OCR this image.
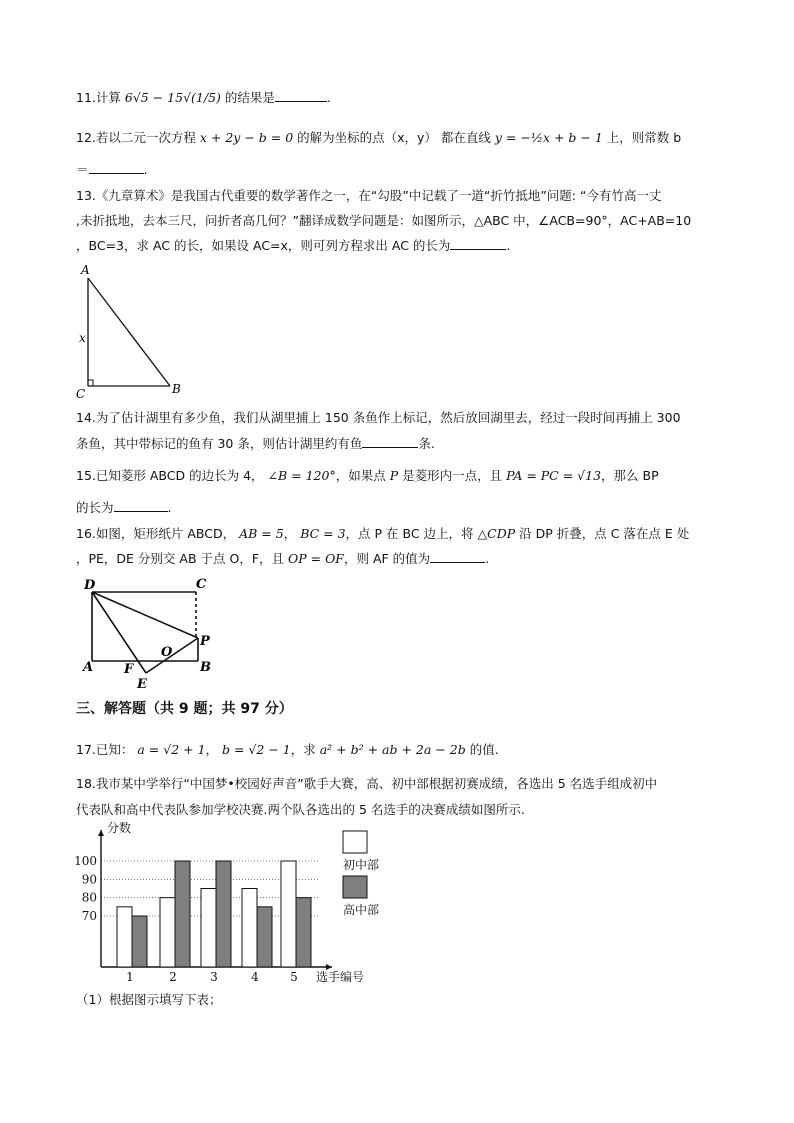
11.计算 6√5 − 15√(1/5) 的结果是	.
12.若以二元一次方程 x + 2y − b = 0 的解为坐标的点（x，y） 都在直线 y = −½x + b − 1 上，则常数 b
＝	.
13.《九章算术》是我国古代重要的数学著作之一，在“勾股”中记载了一道“折竹抵地”问题: “今有竹高一丈
,未折抵地，去本三尺，问折者高几何？”翻译成数学问题是：如图所示，△ABC 中，∠ACB=90°，AC+AB=10
，BC=3，求 AC 的长，如果设 AC=x，则可列方程求出 AC 的长为	.
A
C	B
x
14.为了估计湖里有多少鱼，我们从湖里捕上 150 条鱼作上标记，然后放回湖里去，经过一段时间再捕上 300
条鱼，其中带标记的鱼有 30 条，则估计湖里约有鱼	条.
15.已知菱形 ABCD 的边长为 4， ∠B = 120°，如果点 P 是菱形内一点，且 PA = PC = √13，那么 BP
的长为	.
16.如图，矩形纸片 ABCD， AB = 5， BC = 3，点 P 在 BC 边上，将 △CDP 沿 DP 折叠，点 C 落在点 E 处
，PE，DE 分别交 AB 于点 O，F，且 OP = OF，则 AF 的值为	.
D	C
P
O
A F	B
E
三、解答题（共 9 题；共 97 分）
17.已知： a = √2 + 1， b = √2 − 1，求 a² + b² + ab + 2a − 2b 的值.
18.我市某中学举行“中国梦•校园好声音”歌手大赛，高、初中部根据初赛成绩，各选出 5 名选手组成初中
代表队和高中代表队参加学校决赛.两个队各选出的 5 名选手的决赛成绩如图所示.
70
80
90
100
分数
选手编号
1	2	3	4	5
初中部
高中部
（1）根据图示填写下表；
